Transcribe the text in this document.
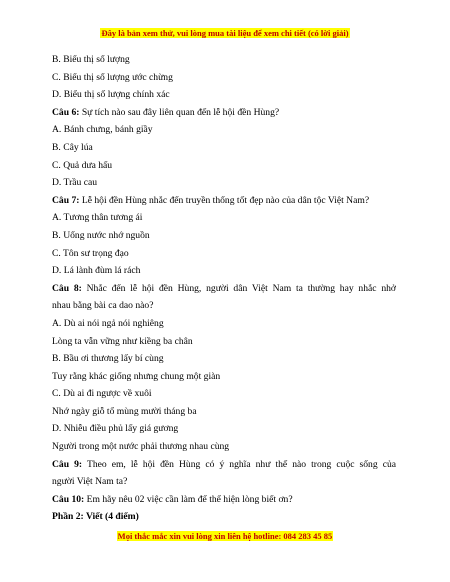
Đây là bản xem thử, vui lòng mua tài liệu để xem chi tiết (có lời giải)
B. Biểu thị số lượng
C. Biểu thị số lượng ước chừng
D. Biểu thị số lượng chính xác
Câu 6: Sự tích nào sau đây liên quan đến lễ hội đền Hùng?
A. Bánh chưng, bánh giầy
B. Cây lúa
C. Quả dưa hấu
D. Trầu cau
Câu 7: Lễ hội đền Hùng nhắc đến truyền thống tốt đẹp nào của dân tộc Việt Nam?
A. Tương thân tương ái
B. Uống nước nhớ nguồn
C. Tôn sư trọng đạo
D. Lá lành đùm lá rách
Câu 8: Nhắc đến lễ hội đền Hùng, người dân Việt Nam ta thường hay nhắc nhở
nhau bằng bài ca dao nào?
A. Dù ai nói ngả nói nghiêng
Lòng ta vẫn vững như kiềng ba chân
B. Bầu ơi thương lấy bí cùng
Tuy rằng khác giống nhưng chung một giàn
C. Dù ai đi ngược về xuôi
Nhớ ngày giỗ tổ mùng mười tháng ba
D. Nhiễu điều phủ lấy giá gương
Người trong một nước phải thương nhau cùng
Câu 9: Theo em, lễ hội đền Hùng có ý nghĩa như thế nào trong cuộc sống của
người Việt Nam ta?
Câu 10: Em hãy nêu 02 việc cần làm để thể hiện lòng biết ơn?
Phần 2: Viết (4 điểm)
Mọi thắc mắc xin vui lòng xin liên hệ hotline: 084 283 45 85
